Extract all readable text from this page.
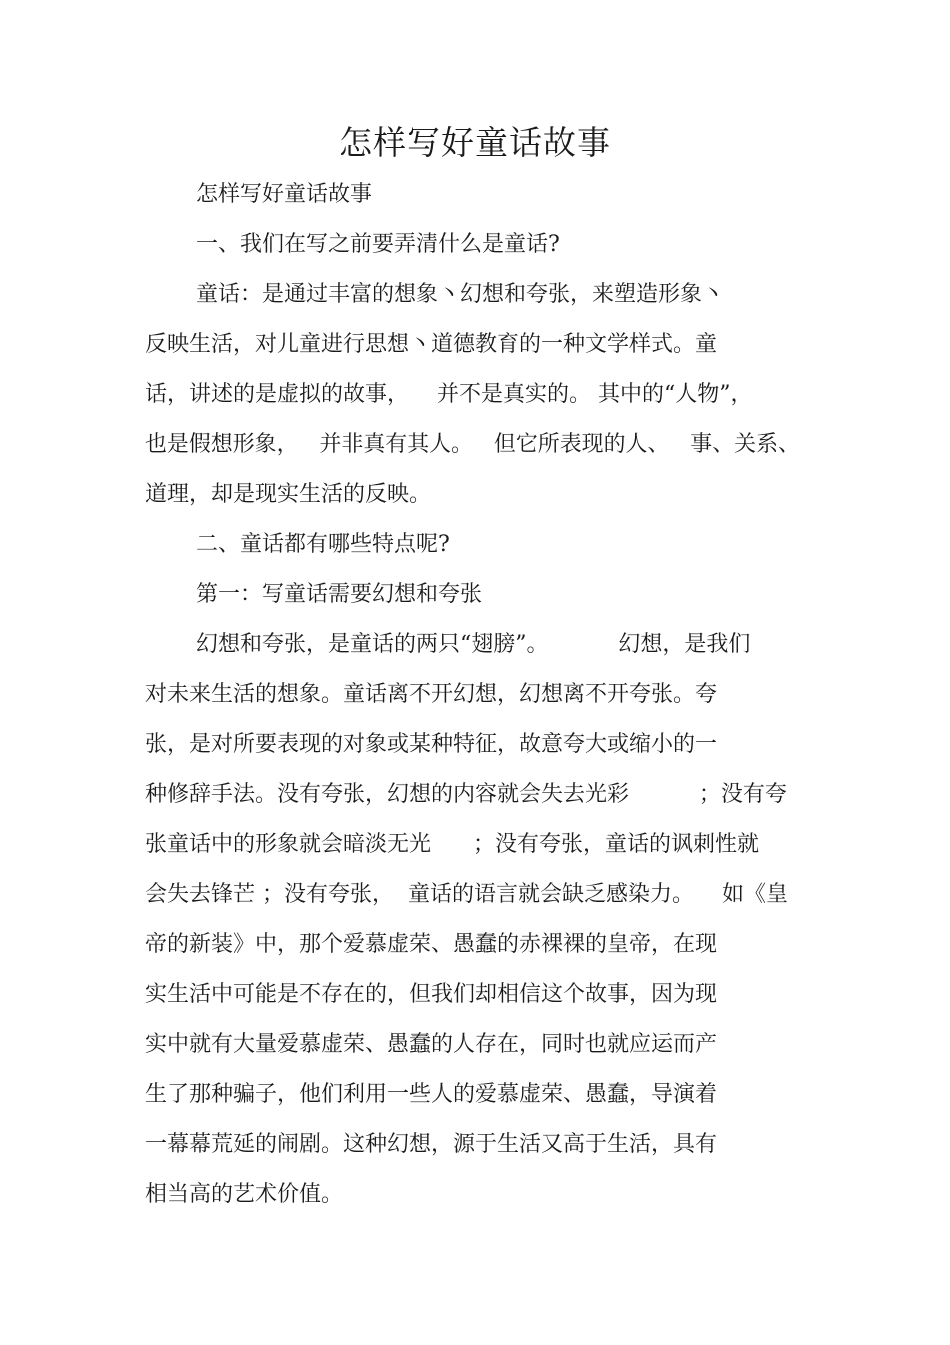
怎样写好童话故事
怎样写好童话故事
一、我们在写之前要弄清什么是童话?
童话：是通过丰富的想象丶幻想和夸张，来塑造形象丶
反映生活，对儿童进行思想丶道德教育的一种文学样式。童
话，讲述的是虚拟的故事，    并不是真实的。 其中的“人物”，
也是假想形象，   并非真有其人。   但它所表现的人、   事、关系、
道理，却是现实生活的反映。
二、童话都有哪些特点呢?
第一：写童话需要幻想和夸张
幻想和夸张，是童话的两只“翅膀”。          幻想，是我们
对未来生活的想象。童话离不开幻想，幻想离不开夸张。夸
张，是对所要表现的对象或某种特征，故意夸大或缩小的一
种修辞手法。没有夸张，幻想的内容就会失去光彩          ；没有夸
张童话中的形象就会暗淡无光      ；没有夸张，童话的讽刺性就
会失去锋芒 ；没有夸张，  童话的语言就会缺乏感染力。    如《皇
帝的新装》中，那个爱慕虚荣、愚蠢的赤裸裸的皇帝，在现
实生活中可能是不存在的，但我们却相信这个故事，因为现
实中就有大量爱慕虚荣、愚蠢的人存在，同时也就应运而产
生了那种骗子，他们利用一些人的爱慕虚荣、愚蠢，导演着
一幕幕荒延的闹剧。这种幻想，源于生活又高于生活，具有
相当高的艺术价值。
